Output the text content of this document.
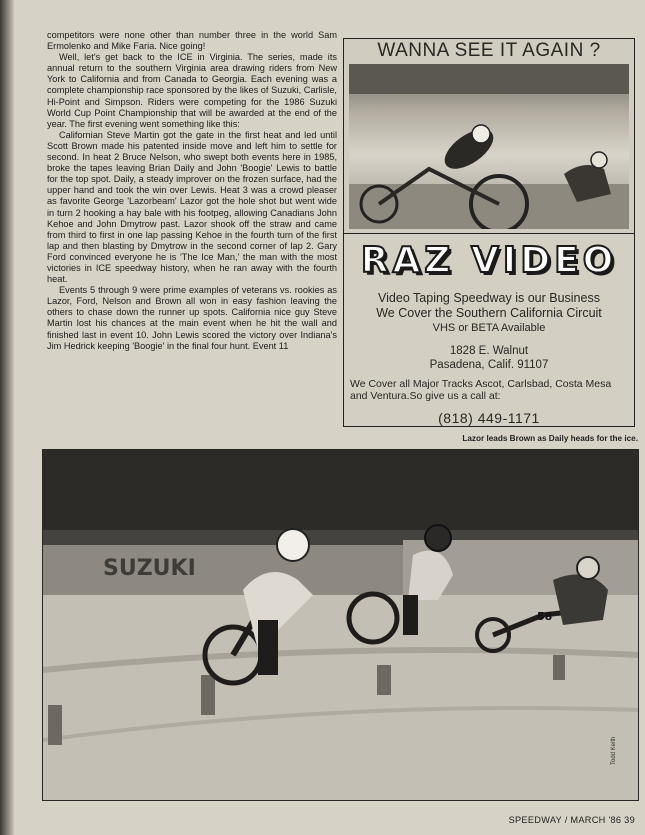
competitors were none other than number three in the world Sam Ermolenko and Mike Faria. Nice going!

Well, let's get back to the ICE in Virginia. The series, made its annual return to the southern Virginia area drawing riders from New York to California and from Canada to Georgia. Each evening was a complete championship race sponsored by the likes of Suzuki, Carlisle, Hi-Point and Simpson. Riders were competing for the 1986 Suzuki World Cup Point Championship that will be awarded at the end of the year. The first evening went something like this:

Californian Steve Martin got the gate in the first heat and led until Scott Brown made his patented inside move and left him to settle for second. In heat 2 Bruce Nelson, who swept both events here in 1985, broke the tapes leaving Brian Daily and John 'Boogie' Lewis to battle for the top spot. Daily, a steady improver on the frozen surface, had the upper hand and took the win over Lewis. Heat 3 was a crowd pleaser as favorite George 'Lazorbeam' Lazor got the hole shot but went wide in turn 2 hooking a hay bale with his footpeg, allowing Canadians John Kehoe and John Dmytrow past. Lazor shook off the straw and came from third to first in one lap passing Kehoe in the fourth turn of the first lap and then blasting by Dmytrow in the second corner of lap 2. Gary Ford convinced everyone he is 'The Ice Man,' the man with the most victories in ICE speedway history, when he ran away with the fourth heat.

Events 5 through 9 were prime examples of veterans vs. rookies as Lazor, Ford, Nelson and Brown all won in easy fashion leaving the others to chase down the runner up spots. California nice guy Steve Martin lost his chances at the main event when he hit the wall and finished last in event 10. John Lewis scored the victory over Indiana's Jim Hedrick keeping 'Boogie' in the final four hunt. Event 11

WANNA SEE IT AGAIN ?
RAZ VIDEO
Video Taping Speedway is our Business
We Cover the Southern California Circuit
VHS or BETA Available
1828 E. Walnut
Pasadena, Calif. 91107
We Cover all Major Tracks Ascot, Carlsbad, Costa Mesa and Ventura.So give us a call at:
(818) 449-1171
Lazor leads Brown as Daily heads for the ice.
SUZUKI
58
Todd Keith
SPEEDWAY / MARCH '86 39
